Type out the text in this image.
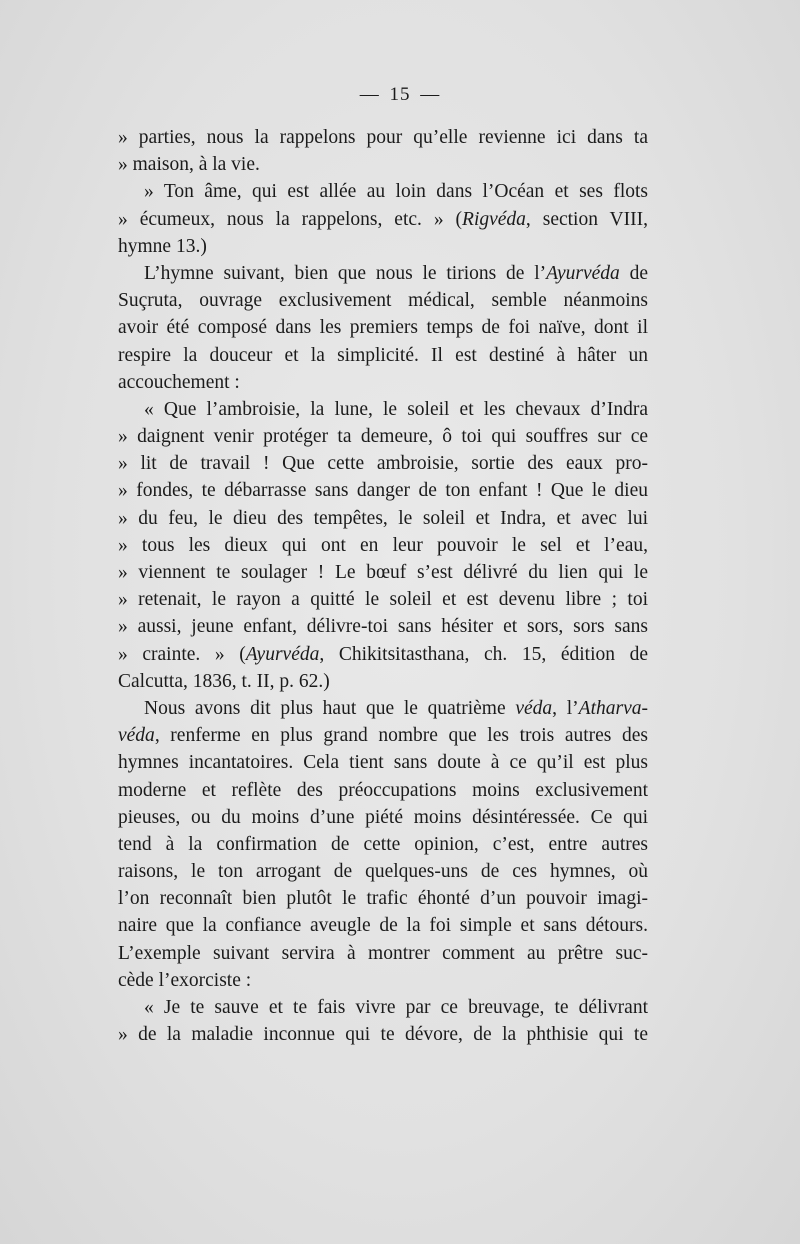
— 15 —
» parties, nous la rappelons pour qu’elle revienne ici dans ta
» maison, à la vie.
» Ton âme, qui est allée au loin dans l’Océan et ses flots
» écumeux, nous la rappelons, etc. » (Rigvéda, section VIII,
hymne 13.)
L’hymne suivant, bien que nous le tirions de l’Ayurvéda de
Suçruta, ouvrage exclusivement médical, semble néanmoins
avoir été composé dans les premiers temps de foi naïve, dont il
respire la douceur et la simplicité. Il est destiné à hâter un
accouchement :
« Que l’ambroisie, la lune, le soleil et les chevaux d’Indra
» daignent venir protéger ta demeure, ô toi qui souffres sur ce
» lit de travail ! Que cette ambroisie, sortie des eaux pro-
» fondes, te débarrasse sans danger de ton enfant ! Que le dieu
» du feu, le dieu des tempêtes, le soleil et Indra, et avec lui
» tous les dieux qui ont en leur pouvoir le sel et l’eau,
» viennent te soulager ! Le bœuf s’est délivré du lien qui le
» retenait, le rayon a quitté le soleil et est devenu libre ; toi
» aussi, jeune enfant, délivre-toi sans hésiter et sors, sors sans
» crainte. » (Ayurvéda, Chikitsitasthana, ch. 15, édition de
Calcutta, 1836, t. II, p. 62.)
Nous avons dit plus haut que le quatrième véda, l’Atharva-
véda, renferme en plus grand nombre que les trois autres des
hymnes incantatoires. Cela tient sans doute à ce qu’il est plus
moderne et reflète des préoccupations moins exclusivement
pieuses, ou du moins d’une piété moins désintéressée. Ce qui
tend à la confirmation de cette opinion, c’est, entre autres
raisons, le ton arrogant de quelques-uns de ces hymnes, où
l’on reconnaît bien plutôt le trafic éhonté d’un pouvoir imagi-
naire que la confiance aveugle de la foi simple et sans détours.
L’exemple suivant servira à montrer comment au prêtre suc-
cède l’exorciste :
« Je te sauve et te fais vivre par ce breuvage, te délivrant
» de la maladie inconnue qui te dévore, de la phthisie qui te
